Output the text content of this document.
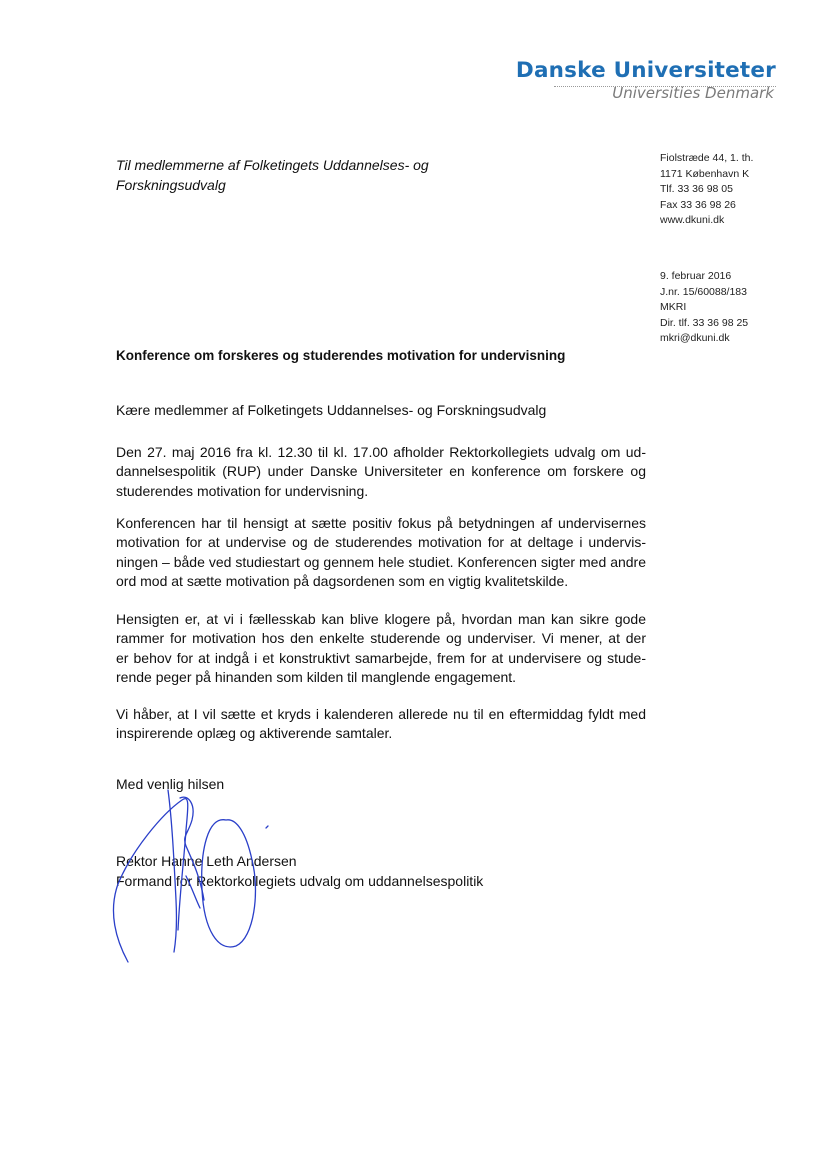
Danske Universiteter
Universities Denmark
Til medlemmerne af Folketingets Uddannelses- og
Forskningsudvalg
Fiolstræde 44, 1. th.
1171 København K
Tlf. 33 36 98 05
Fax 33 36 98 26
www.dkuni.dk
9. februar 2016
J.nr. 15/60088/183
MKRI
Dir. tlf. 33 36 98 25
mkri@dkuni.dk
Konference om forskeres og studerendes motivation for undervisning
Kære medlemmer af Folketingets Uddannelses- og Forskningsudvalg
Den 27. maj 2016 fra kl. 12.30 til kl. 17.00 afholder Rektorkollegiets udvalg om ud-
dannelsespolitik (RUP) under Danske Universiteter en konference om forskere og
studerendes motivation for undervisning.
Konferencen har til hensigt at sætte positiv fokus på betydningen af undervisernes
motivation for at undervise og de studerendes motivation for at deltage i undervis-
ningen – både ved studiestart og gennem hele studiet. Konferencen sigter med andre
ord mod at sætte motivation på dagsordenen som en vigtig kvalitetskilde.
Hensigten er, at vi i fællesskab kan blive klogere på, hvordan man kan sikre gode
rammer for motivation hos den enkelte studerende og underviser. Vi mener, at der
er behov for at indgå i et konstruktivt samarbejde, frem for at undervisere og stude-
rende peger på hinanden som kilden til manglende engagement.
Vi håber, at I vil sætte et kryds i kalenderen allerede nu til en eftermiddag fyldt med
inspirerende oplæg og aktiverende samtaler.
Med venlig hilsen
Rektor Hanne Leth Andersen
Formand for Rektorkollegiets udvalg om uddannelsespolitik
